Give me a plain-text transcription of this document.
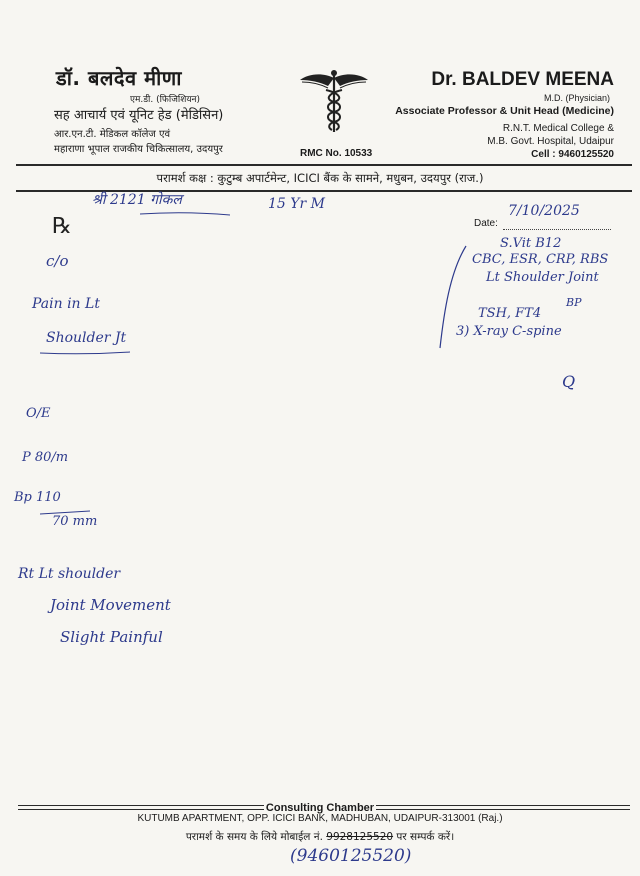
डॉ. बलदेव मीणा
एम.डी. (फिजिशियन)
सह आचार्य एवं यूनिट हेड (मेडिसिन)
आर.एन.टी. मेडिकल कॉलेज एवं
महाराणा भूपाल राजकीय चिकित्सालय, उदयपुर	RMC No. 10533
Dr. BALDEV MEENA
M.D. (Physician)
Associate Professor & Unit Head (Medicine)
R.N.T. Medical College &
M.B. Govt. Hospital, Udaipur
Cell : 9460125520
परामर्श कक्ष : कुटुम्ब अपार्टमेन्ट, ICICI बैंक के सामने, मधुबन, उदयपुर (राज.)
Date:
श्री 2121 गोकल	15 Yr M	7/10/2025
℞
c/o
Pain in Lt
Shoulder Jt
O/E
P 80/m
Bp 110
70 mm
Rt Lt shoulder
Joint Movement
Slight Painful
S.Vit B12
CBC, ESR, CRP, RBS
Lt Shoulder Joint
BP
TSH, FT4
3) X-ray C-spine
Q
Consulting Chamber
KUTUMB APARTMENT, OPP. ICICI BANK, MADHUBAN, UDAIPUR-313001 (Raj.)
परामर्श के समय के लिये मोबाईल नं. 9928125520 पर सम्पर्क करें।
(9460125520)
